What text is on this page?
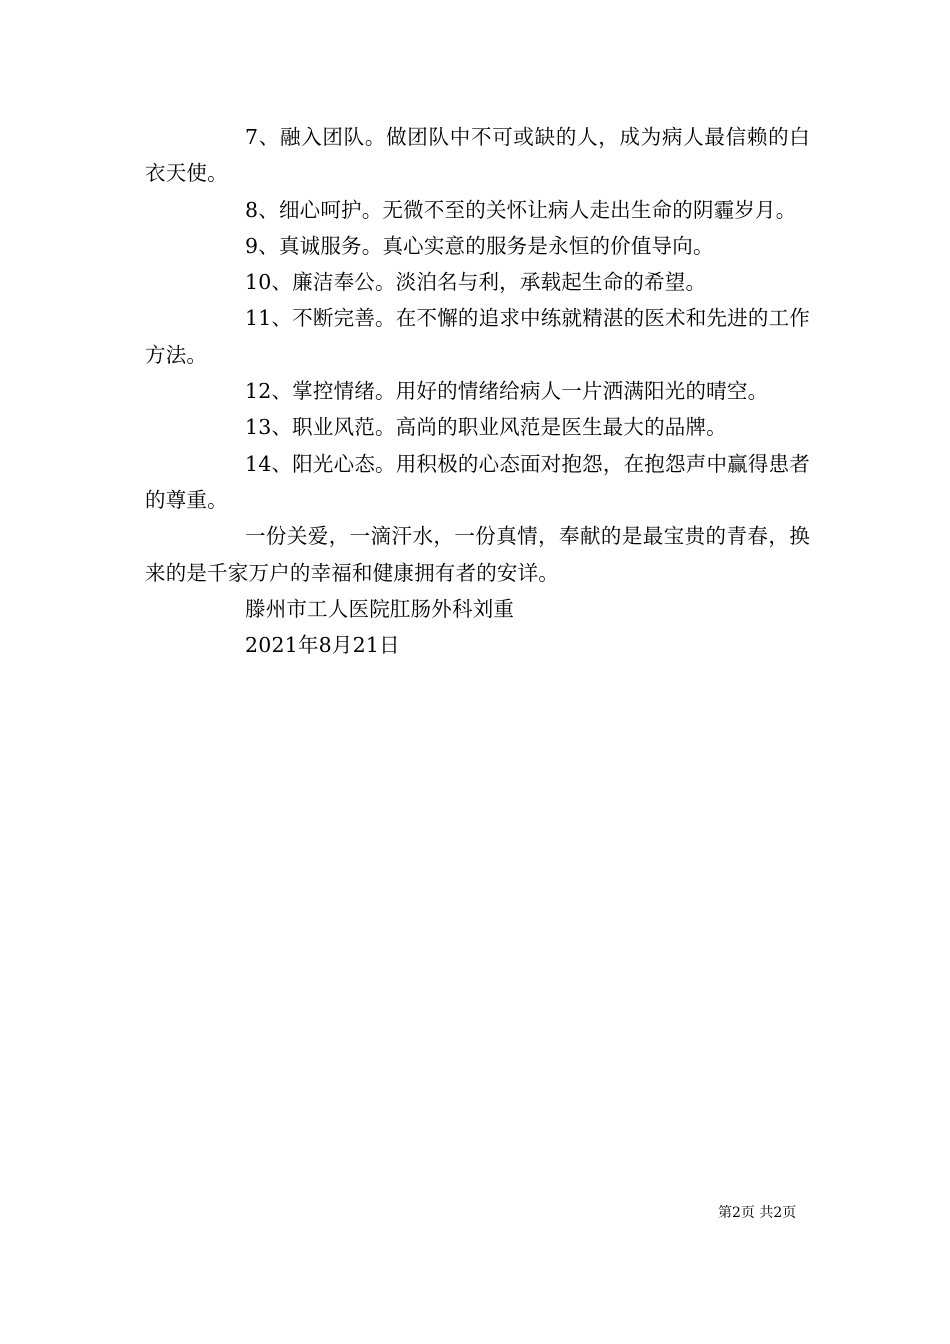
7、融入团队。做团队中不可或缺的人，成为病人最信赖的白衣天使。

8、细心呵护。无微不至的关怀让病人走出生命的阴霾岁月。

9、真诚服务。真心实意的服务是永恒的价值导向。

10、廉洁奉公。淡泊名与利，承载起生命的希望。

11、不断完善。在不懈的追求中练就精湛的医术和先进的工作方法。

12、掌控情绪。用好的情绪给病人一片洒满阳光的晴空。

13、职业风范。高尚的职业风范是医生最大的品牌。

14、阳光心态。用积极的心态面对抱怨，在抱怨声中赢得患者的尊重。

一份关爱，一滴汗水，一份真情，奉献的是最宝贵的青春，换来的是千家万户的幸福和健康拥有者的安详。

滕州市工人医院肛肠外科刘重

2021年8月21日

第2页 共2页
